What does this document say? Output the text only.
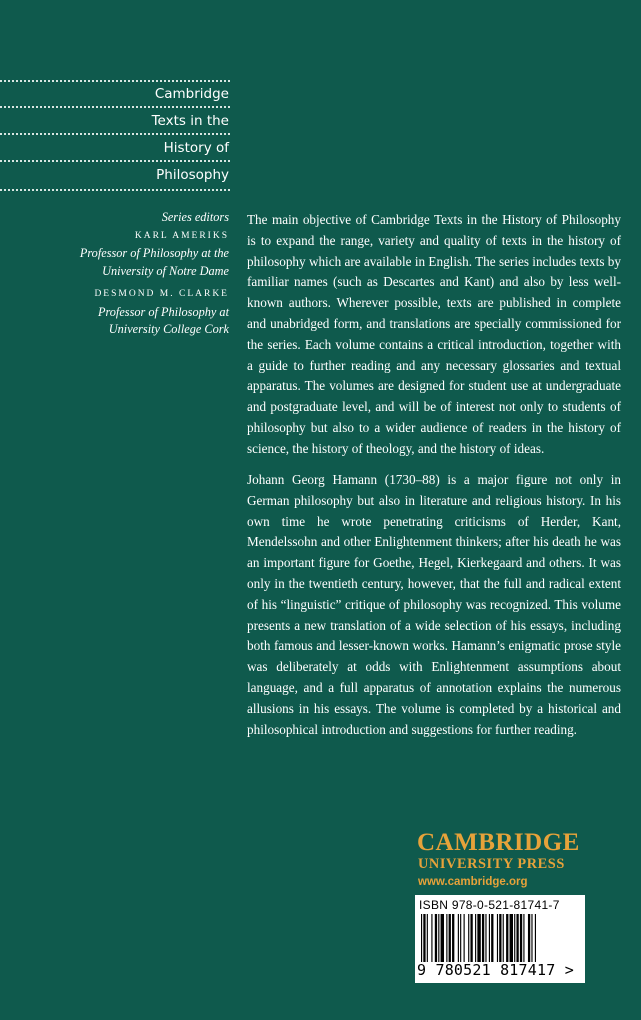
Cambridge
Texts in the
History of
Philosophy
Series editors
KARL AMERIKS
Professor of Philosophy at the
University of Notre Dame
DESMOND M. CLARKE
Professor of Philosophy at
University College Cork

The main objective of Cambridge Texts in the History of Philosophy is to expand the range, variety and quality of texts in the history of philosophy which are available in English. The series includes texts by familiar names (such as Descartes and Kant) and also by less well-known authors. Wherever possible, texts are published in complete and unabridged form, and translations are specially commissioned for the series. Each volume contains a critical introduction, together with a guide to further reading and any necessary glossaries and textual apparatus. The volumes are designed for student use at undergraduate and postgraduate level, and will be of interest not only to students of philosophy but also to a wider audience of readers in the history of science, the history of theology, and the history of ideas.

Johann Georg Hamann (1730–88) is a major figure not only in German philosophy but also in literature and religious history. In his own time he wrote penetrating criticisms of Herder, Kant, Mendelssohn and other Enlightenment thinkers; after his death he was an important figure for Goethe, Hegel, Kierkegaard and others. It was only in the twentieth century, however, that the full and radical extent of his “linguistic” critique of philosophy was recognized. This volume presents a new translation of a wide selection of his essays, including both famous and lesser-known works. Hamann’s enigmatic prose style was deliberately at odds with Enlightenment assumptions about language, and a full apparatus of annotation explains the numerous allusions in his essays. The volume is completed by a historical and philosophical introduction and suggestions for further reading.

CAMBRIDGE
UNIVERSITY PRESS
www.cambridge.org
ISBN 978-0-521-81741-7
9 780521 817417 >
